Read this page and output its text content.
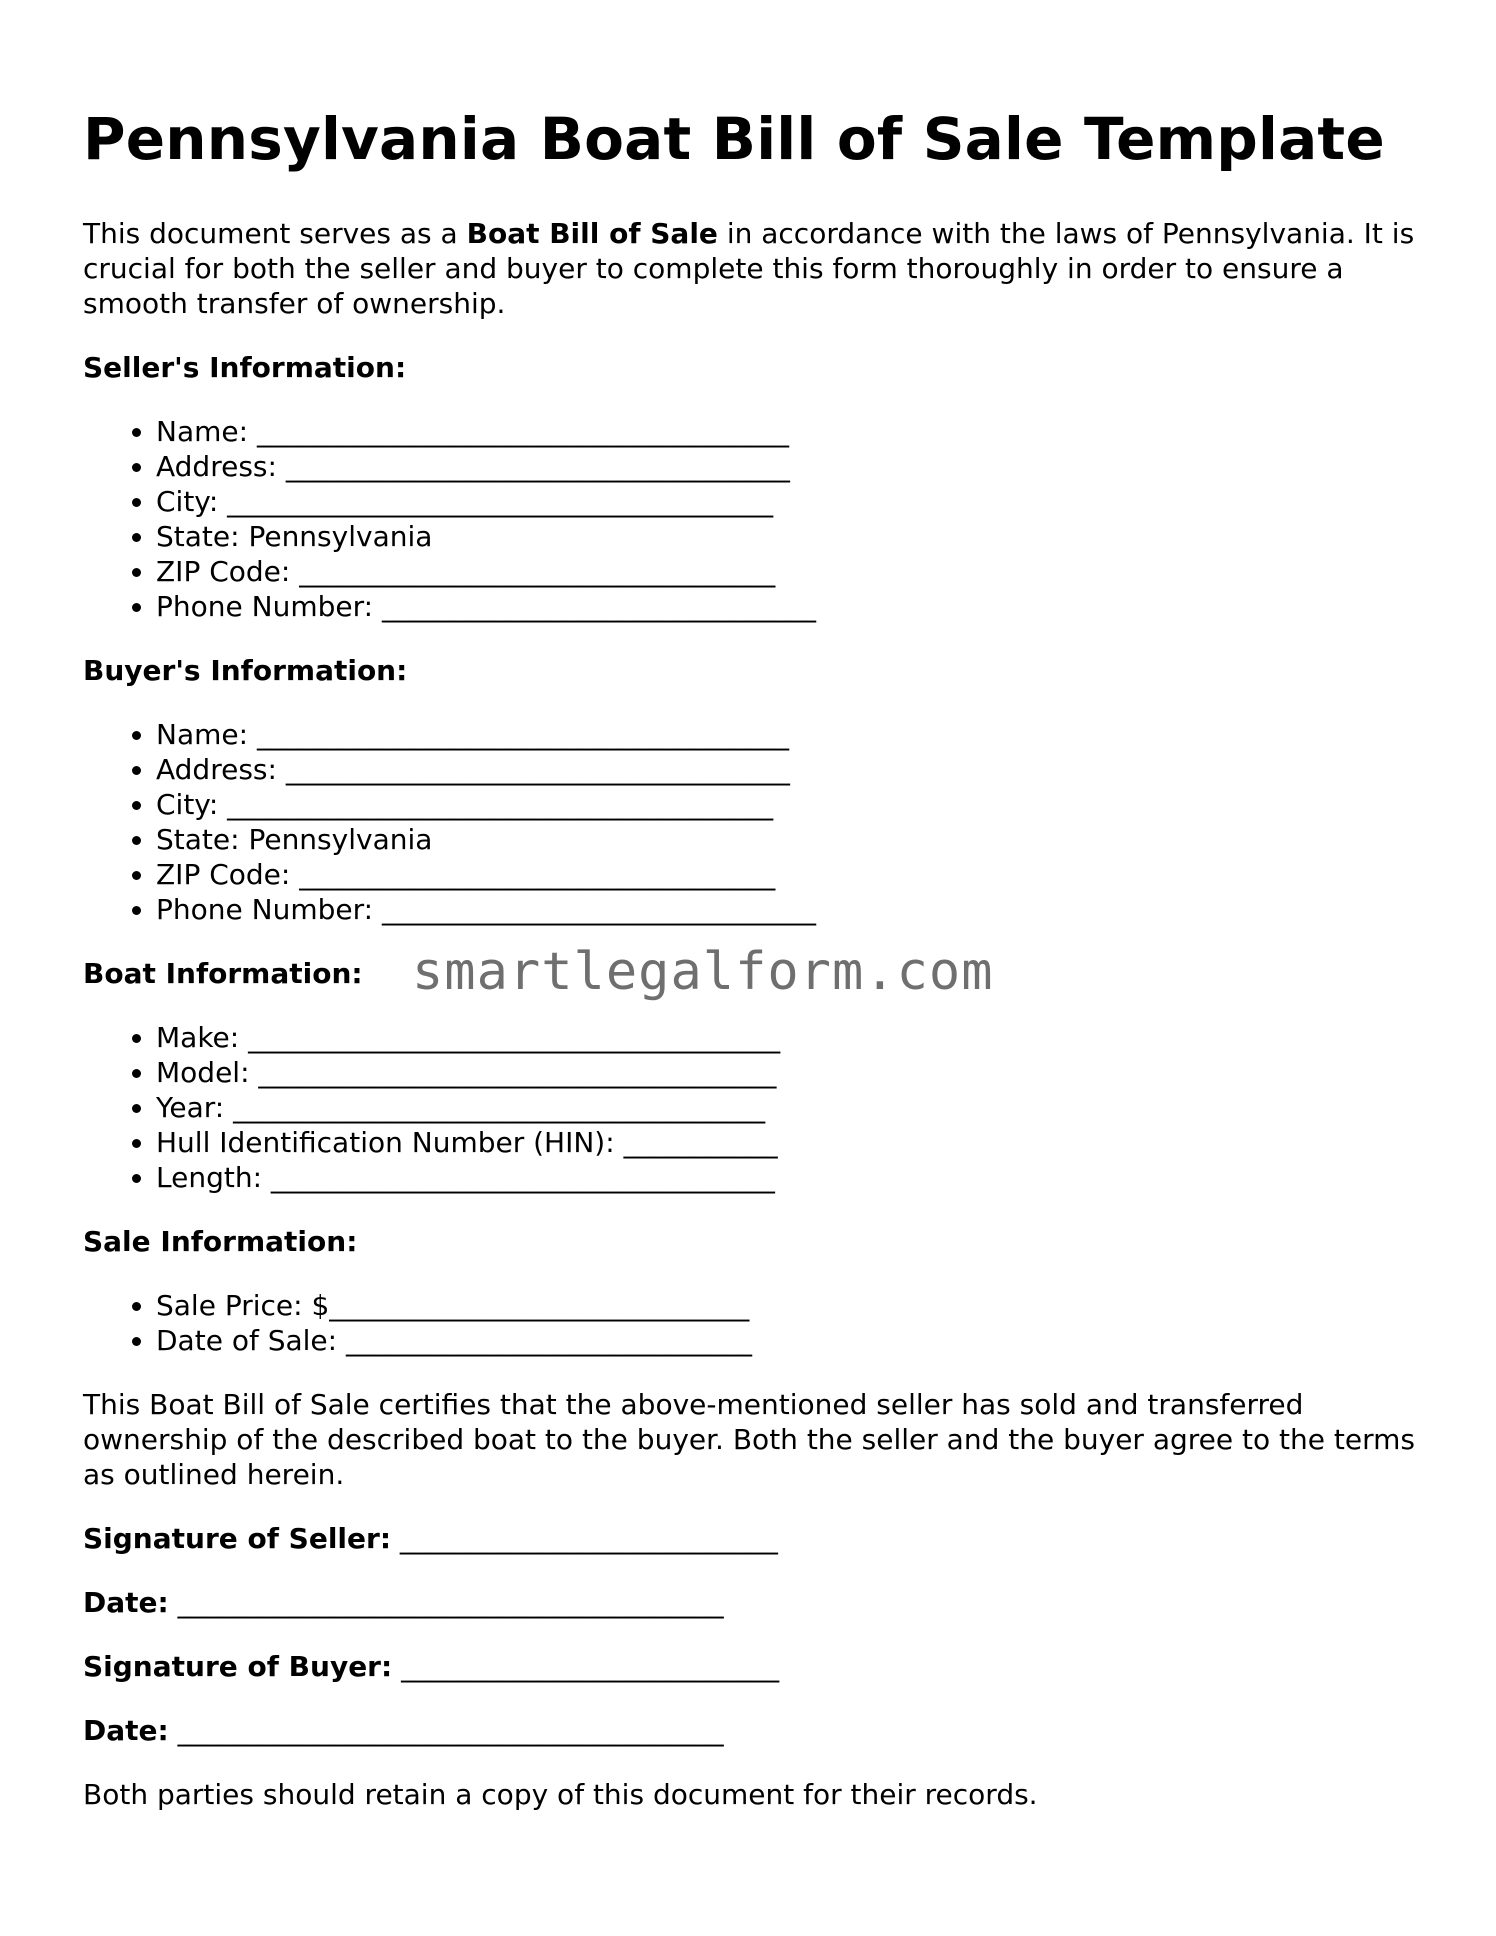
Pennsylvania Boat Bill of Sale Template

This document serves as a Boat Bill of Sale in accordance with the laws of Pennsylvania. It is crucial for both the seller and buyer to complete this form thoroughly in order to ensure a smooth transfer of ownership.

Seller's Information:
• Name: ______________________________________
• Address: ____________________________________
• City: _______________________________________
• State: Pennsylvania
• ZIP Code: __________________________________
• Phone Number: _______________________________
Buyer's Information:
• Name: ______________________________________
• Address: ____________________________________
• City: _______________________________________
• State: Pennsylvania
• ZIP Code: __________________________________
• Phone Number: _______________________________
Boat Information:
• Make: ______________________________________
• Model: _____________________________________
• Year: ______________________________________
• Hull Identification Number (HIN): ___________
• Length: ____________________________________
Sale Information:
• Sale Price: $______________________________
• Date of Sale: _____________________________

This Boat Bill of Sale certifies that the above-mentioned seller has sold and transferred ownership of the described boat to the buyer. Both the seller and the buyer agree to the terms as outlined herein.

Signature of Seller: ___________________________
Date: _______________________________________
Signature of Buyer: ___________________________
Date: _______________________________________

Both parties should retain a copy of this document for their records.

smartlegalform.com
